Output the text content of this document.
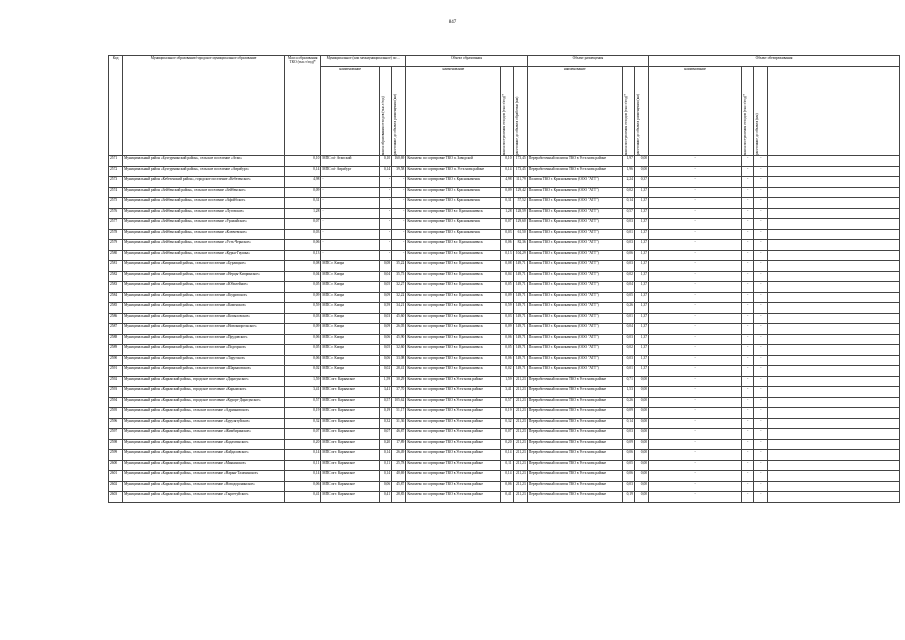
847
Код	Муниципальное образование/городское муниципальное образование	Масса образования ТКО (тыс.т/год)*	Муниципальное (или межмуниципальное) по ...			Объект образования			Объект размещения			Объект обезвреживания			
			наименование	масса образования отходов (тыс.т/год)	расстояние до объекта размещения (км)	наименование	масса поступления отходов (тыс.т/год)*	расстояние до объекта обработки (км)	наименование	масса поступления отходов (тыс.т/год)*	расстояние до объекта размещения (км)	наименование	масса поступления отходов (тыс.т/год)*	расстояние до объекта (км)	

2571	Муниципальный район «Бухтурминский район», сельское поселение «Атап»	0,10	МПС п/г Атапский	0,10	160,69	Комплекс по сортировке ТКО п. Заводской	0,10	173,45	Переработочный полигон ТКО в Усть-нова районе	1,97	0,00	-	-	-	
2572	Муниципальный район «Бухтурминский район», сельское поселение «Аврабург»	0,14	МПС п/г Аврабург	0,14	39,58	Комплекс по сортировке ТКО п. Усть-нова районе	0,14	173,45	Переработочный полигон ТКО в Усть-нова районе	1,96	0,00	-	-	-	
2573	Муниципальный район «Кебезенский район», городское поселение «Кебезенское»	4,98	-	-	-	Комплекс по сортировке ТКО г. Краснокаменск	4,98	111,79	Полигон ТКО г. Краснокаменск (ООО "АТТ")	2,24	0,37	-	-	-	
2574	Муниципальный район «Зейбенский район», сельское поселение «Зейбенское»	0,09	-	-	-	Комплекс по сортировке ТКО г. Краснокаменск	0,09	129,42	Полигон ТКО г. Краснокаменск (ООО "АТТ")	0,02	1,37	-	-	-	
2575	Муниципальный район «Зейбенский район», сельское поселение «Афойбское»	0,31	-	-	-	Комплекс по сортировке ТКО г. Краснокаменск	0,31	57,52	Полигон ТКО г. Краснокаменск (ООО "АТТ")	0,14	1,37	-	-	-	
2576	Муниципальный район «Зейбенский район», сельское поселение «Луговское»	1,28	-	-	-	Комплекс по сортировке ТКО в г. Краснокаменск	1,28	128,59	Полигон ТКО г. Краснокаменск (ООО "АТТ")	0,57	1,37	-	-	-	
2577	Муниципальный район «Зейбенский район», сельское поселение «Урожайское»	0,07	-	-	-	Комплекс по сортировке ТКО г. Краснокаменск	0,07	129,60	Полигон ТКО г. Краснокаменск (ООО "АТТ")	0,03	1,37	-	-	-	
2578	Муниципальный район «Зейбенский район», сельское поселение «Ключевское»	0,03	-	-	-	Комплекс по сортировке ТКО г. Краснокаменск	0,03	61,50	Полигон ТКО г. Краснокаменск (ООО "АТТ")	0,01	1,37	-	-	-	
2579	Муниципальный район «Зейбенский район», сельское поселение «Усть-Чернское»	0,06	-	-	-	Комплекс по сортировке ТКО в г. Краснокаменск	0,06	82,36	Полигон ТКО г. Краснокаменск (ООО "АТТ")	0,03	1,37	-	-	-	
2580	Муниципальный район «Зейбенский район», сельское поселение «Курья-Гаушка»	0,13	-	-	-	Комплекс по сортировке ТКО в г. Краснокаменск	0,13	104,29	Полигон ТКО г. Краснокаменск (ООО "АТТ")	0,06	1,37	-	-	-	
2581	Муниципальный район «Кипринский район», сельское поселение «Бурлицкое»	0,08	МПС г. Кипра	0,08	35,22	Комплекс по сортировке ТКО в г. Краснокаменск	0,08	149,71	Полигон ТКО г. Краснокаменск (ООО "АТТ")	0,03	1,37	-	-	-	
2582	Муниципальный район «Кипринский район», сельское поселение «Нерцы-Кипринское»	0,04	МПС г. Кипра	0,04	35,75	Комплекс по сортировке ТКО в г. Краснокаменск	0,04	149,71	Полигон ТКО г. Краснокаменск (ООО "АТТ")	0,02	1,37	-	-	-	
2583	Муниципальный район «Кипринский район», сельское поселение «Юбилейное»	0,05	МПС г. Кипра	0,05	32,27	Комплекс по сортировке ТКО в г. Краснокаменск	0,05	149,71	Полигон ТКО г. Краснокаменск (ООО "АТТ")	0,04	1,37	-	-	-	
2584	Муниципальный район «Кипринский район», сельское поселение «Кедровское»	0,09	МПС г. Кипра	0,09	32,22	Комплекс по сортировке ТКО в г. Краснокаменск	0,09	149,71	Полигон ТКО г. Краснокаменск (ООО "АТТ")	0,05	1,37	-	-	-	
2585	Муниципальный район «Кипринский район», сельское поселение «Каменское»	0,59	МПС г. Кипра	0,59	34,21	Комплекс по сортировке ТКО в г. Краснокаменск	0,59	149,71	Полигон ТКО г. Краснокаменск (ООО "АТТ")	0,26	1,37	-	-	-	
2586	Муниципальный район «Кипринский район», сельское поселение «Копыловское»	0,03	МПС г. Кипра	0,03	45,60	Комплекс по сортировке ТКО в г. Краснокаменск	0,03	149,71	Полигон ТКО г. Краснокаменск (ООО "АТТ")	0,01	1,37	-	-	-	
2587	Муниципальный район «Кипринский район», сельское поселение «Новокипрельское»	0,09	МПС г. Кипра	0,09	26,05	Комплекс по сортировке ТКО в г. Краснокаменск	0,09	149,71	Полигон ТКО г. Краснокаменск (ООО "АТТ")	0,04	1,37	-	-	-	
2588	Муниципальный район «Кипринский район», сельское поселение «Прудовское»	0,06	МПС г. Кипра	0,06	45,90	Комплекс по сортировке ТКО в г. Краснокаменск	0,06	149,71	Полигон ТКО г. Краснокаменск (ООО "АТТ")	0,03	1,37	-	-	-	
2589	Муниципальный район «Кипринский район», сельское поселение «Подгорное»	0,05	МПС г. Кипра	0,05	32,60	Комплекс по сортировке ТКО в г. Краснокаменск	0,05	149,71	Полигон ТКО г. Краснокаменск (ООО "АТТ")	0,02	1,37	-	-	-	
2590	Муниципальный район «Кипринский район», сельское поселение «Тарутское»	0,06	МПС г. Кипра	0,06	33,08	Комплекс по сортировке ТКО в г. Краснокаменск	0,06	149,71	Полигон ТКО г. Краснокаменск (ООО "АТТ")	0,03	1,37	-	-	-	
2591	Муниципальный район «Кипринский район», сельское поселение «Шарыповское»	0,02	МПС г. Кипра	0,02	28,41	Комплекс по сортировке ТКО в г. Краснокаменск	0,02	149,71	Полигон ТКО г. Краснокаменск (ООО "АТТ")	0,01	1,37	-	-	-	
2592	Муниципальный район «Карьмский район», городское поселение «Дарасунское»	1,59	МПС пгт. Карымское	1,59	30,29	Комплекс по сортировке ТКО в Усть-нова районе	1,59	211,23	Переработочный полигон ТКО в Усть-нова районе	0,71	0,00	-	-	-	
2593	Муниципальный район «Карьмский район», городское поселение «Карымское»	3,41	МПС пгт. Карымское	3,41	37,70	Комплекс по сортировке ТКО в Усть-нова районе	3,41	211,23	Переработочный полигон ТКО в Усть-нова районе	1,53	0,00	-	-	-	
2594	Муниципальный район «Карьмский район», городское поселение «Курорт-Дарасунское»	0,57	МПС пгт. Карымское	0,57	105,62	Комплекс по сортировке ТКО в Усть-нова районе	0,57	211,23	Переработочный полигон ТКО в Усть-нова районе	0,26	0,00	-	-	-	
2595	Муниципальный район «Карьмский район», сельское поселение «Адриановское»	0,19	МПС пгт. Карымское	0,19	51,17	Комплекс по сортировке ТКО в Усть-нова районе	0,19	211,23	Переработочный полигон ТКО в Усть-нова районе	0,09	0,00	-	-	-	
2596	Муниципальный район «Карьмский район», сельское поселение «Бурулятуйское»	0,32	МПС пгт. Карымское	0,32	31,36	Комплекс по сортировке ТКО в Усть-нова районе	0,32	211,23	Переработочный полигон ТКО в Усть-нова районе	0,14	0,00	-	-	-	
2597	Муниципальный район «Карьмский район», сельское поселение «Жимбиринское»	0,07	МПС пгт. Карымское	0,07	46,87	Комплекс по сортировке ТКО в Усть-нова районе	0,07	211,23	Переработочный полигон ТКО в Усть-нова районе	0,03	0,00	-	-	-	
2598	Муниципальный район «Карьмский район», сельское поселение «Кадахтинское»	0,20	МПС пгт. Карымское	0,20	17,89	Комплекс по сортировке ТКО в Усть-нова районе	0,20	211,23	Переработочный полигон ТКО в Усть-нова районе	0,09	0,00	-	-	-	
2599	Муниципальный район «Карьмский район», сельское поселение «Кайдаловское»	0,14	МПС пгт. Карымское	0,14	26,49	Комплекс по сортировке ТКО в Усть-нова районе	0,14	211,23	Переработочный полигон ТКО в Усть-нова районе	0,06	0,00	-	-	-	
2600	Муниципальный район «Карьмский район», сельское поселение «Маякинское»	0,11	МПС пгт. Карымское	0,11	25,78	Комплекс по сортировке ТКО в Усть-нова районе	0,11	211,23	Переработочный полигон ТКО в Усть-нова районе	0,05	0,00	-	-	-	
2601	Муниципальный район «Карьмский район», сельское поселение «Нарын-Талачинское»	0,14	МПС пгт. Карымское	0,14	40,69	Комплекс по сортировке ТКО в Усть-нова районе	0,14	211,23	Переработочный полигон ТКО в Усть-нова районе	0,06	0,00	-	-	-	
2602	Муниципальный район «Карьмский район», сельское поселение «Новодоронинское»	0,06	МПС пгт. Карымское	0,06	45,87	Комплекс по сортировке ТКО в Усть-нова районе	0,06	211,23	Переработочный полигон ТКО в Усть-нова районе	0,03	0,00	-	-	-	
2603	Муниципальный район «Карьмский район», сельское поселение «Тыргетуйское»	0,41	МПС пгт. Карымское	0,41	28,85	Комплекс по сортировке ТКО в Усть-нова районе	0,41	211,23	Переработочный полигон ТКО в Усть-нова районе	0,19	0,00	-	-	-	
